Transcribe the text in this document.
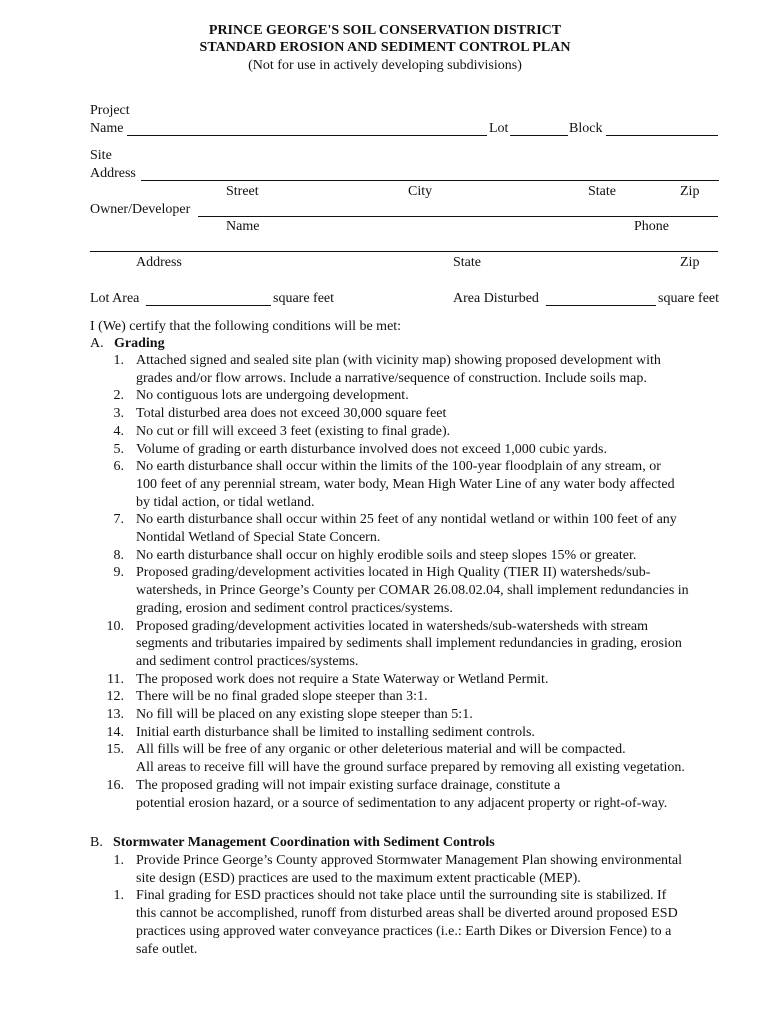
PRINCE GEORGE'S SOIL CONSERVATION DISTRICT
STANDARD EROSION AND SEDIMENT CONTROL PLAN
(Not for use in actively developing subdivisions)
Project
Name	Lot	Block
Site
Address
Street	City	State	Zip
Owner/Developer
Name	Phone
Address	State	Zip
Lot Area	square feet	Area Disturbed	square feet
I (We) certify that the following conditions will be met:
A. Grading
1. Attached signed and sealed site plan (with vicinity map) showing proposed development with
grades and/or flow arrows. Include a narrative/sequence of construction. Include soils map.
2. No contiguous lots are undergoing development.
3. Total disturbed area does not exceed 30,000 square feet
4. No cut or fill will exceed 3 feet (existing to final grade).
5. Volume of grading or earth disturbance involved does not exceed 1,000 cubic yards.
6. No earth disturbance shall occur within the limits of the 100-year floodplain of any stream, or
100 feet of any perennial stream, water body, Mean High Water Line of any water body affected
by tidal action, or tidal wetland.
7. No earth disturbance shall occur within 25 feet of any nontidal wetland or within 100 feet of any
Nontidal Wetland of Special State Concern.
8. No earth disturbance shall occur on highly erodible soils and steep slopes 15% or greater.
9. Proposed grading/development activities located in High Quality (TIER II) watersheds/sub-
watersheds, in Prince George’s County per COMAR 26.08.02.04, shall implement redundancies in
grading, erosion and sediment control practices/systems.
10. Proposed grading/development activities located in watersheds/sub-watersheds with stream
segments and tributaries impaired by sediments shall implement redundancies in grading, erosion
and sediment control practices/systems.
11. The proposed work does not require a State Waterway or Wetland Permit.
12. There will be no final graded slope steeper than 3:1.
13. No fill will be placed on any existing slope steeper than 5:1.
14. Initial earth disturbance shall be limited to installing sediment controls.
15. All fills will be free of any organic or other deleterious material and will be compacted.
All areas to receive fill will have the ground surface prepared by removing all existing vegetation.
16. The proposed grading will not impair existing surface drainage, constitute a
potential erosion hazard, or a source of sedimentation to any adjacent property or right-of-way.
B. Stormwater Management Coordination with Sediment Controls
1. Provide Prince George’s County approved Stormwater Management Plan showing environmental
site design (ESD) practices are used to the maximum extent practicable (MEP).
1. Final grading for ESD practices should not take place until the surrounding site is stabilized. If
this cannot be accomplished, runoff from disturbed areas shall be diverted around proposed ESD
practices using approved water conveyance practices (i.e.: Earth Dikes or Diversion Fence) to a
safe outlet.
